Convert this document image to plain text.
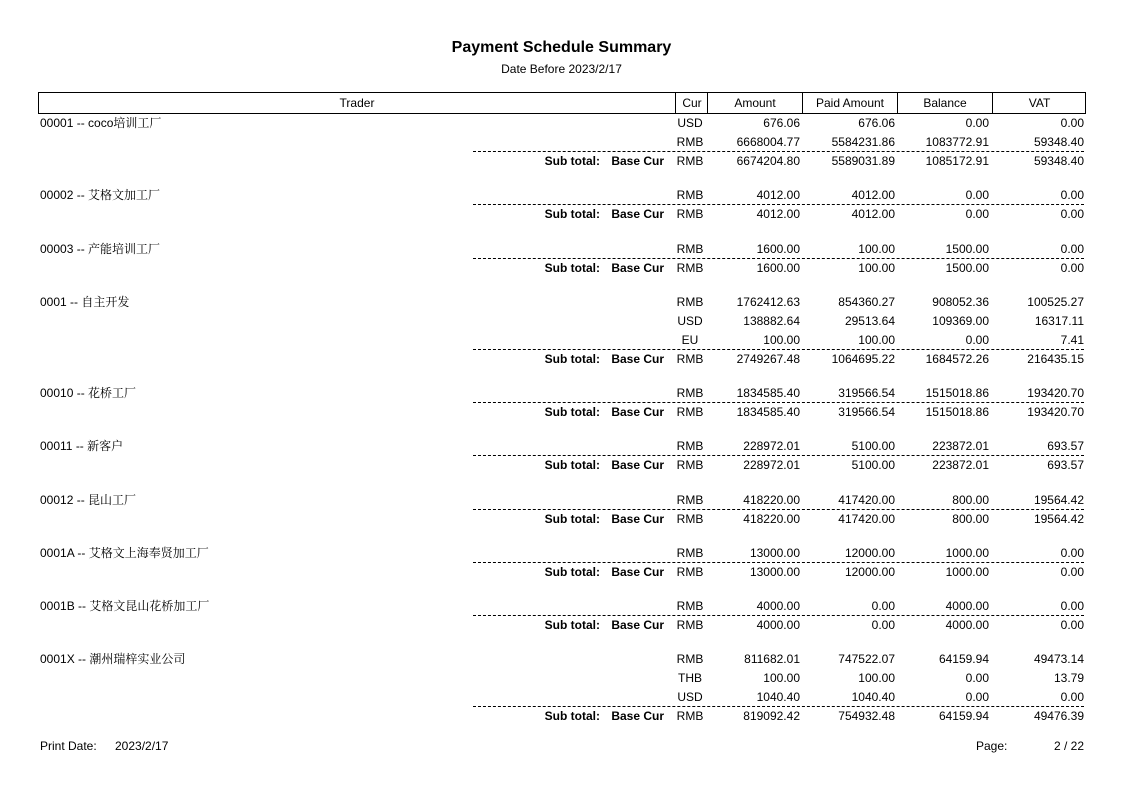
Payment Schedule Summary
Date Before 2023/2/17
Trader	Cur	Amount	Paid Amount	Balance	VAT
00001 -- coco培训工厂	USD	676.06	676.06	0.00	0.00
RMB	6668004.77	5584231.86	1083772.91	59348.40
Sub total: Base Cur RMB	6674204.80	5589031.89	1085172.91	59348.40
00002 -- 艾格文加工厂	RMB	4012.00	4012.00	0.00	0.00
Sub total: Base Cur RMB	4012.00	4012.00	0.00	0.00
00003 -- 产能培训工厂	RMB	1600.00	100.00	1500.00	0.00
Sub total: Base Cur RMB	1600.00	100.00	1500.00	0.00
0001 -- 自主开发	RMB	1762412.63	854360.27	908052.36	100525.27
USD	138882.64	29513.64	109369.00	16317.11
EU	100.00	100.00	0.00	7.41
Sub total: Base Cur RMB	2749267.48	1064695.22	1684572.26	216435.15
00010 -- 花桥工厂	RMB	1834585.40	319566.54	1515018.86	193420.70
Sub total: Base Cur RMB	1834585.40	319566.54	1515018.86	193420.70
00011 -- 新客户	RMB	228972.01	5100.00	223872.01	693.57
Sub total: Base Cur RMB	228972.01	5100.00	223872.01	693.57
00012 -- 昆山工厂	RMB	418220.00	417420.00	800.00	19564.42
Sub total: Base Cur RMB	418220.00	417420.00	800.00	19564.42
0001A -- 艾格文上海奉贤加工厂	RMB	13000.00	12000.00	1000.00	0.00
Sub total: Base Cur RMB	13000.00	12000.00	1000.00	0.00
0001B -- 艾格文昆山花桥加工厂	RMB	4000.00	0.00	4000.00	0.00
Sub total: Base Cur RMB	4000.00	0.00	4000.00	0.00
0001X -- 潮州瑞梓实业公司	RMB	811682.01	747522.07	64159.94	49473.14
THB	100.00	100.00	0.00	13.79
USD	1040.40	1040.40	0.00	0.00
Sub total: Base Cur RMB	819092.42	754932.48	64159.94	49476.39
Print Date: 2023/2/17	Page:	2 / 22
